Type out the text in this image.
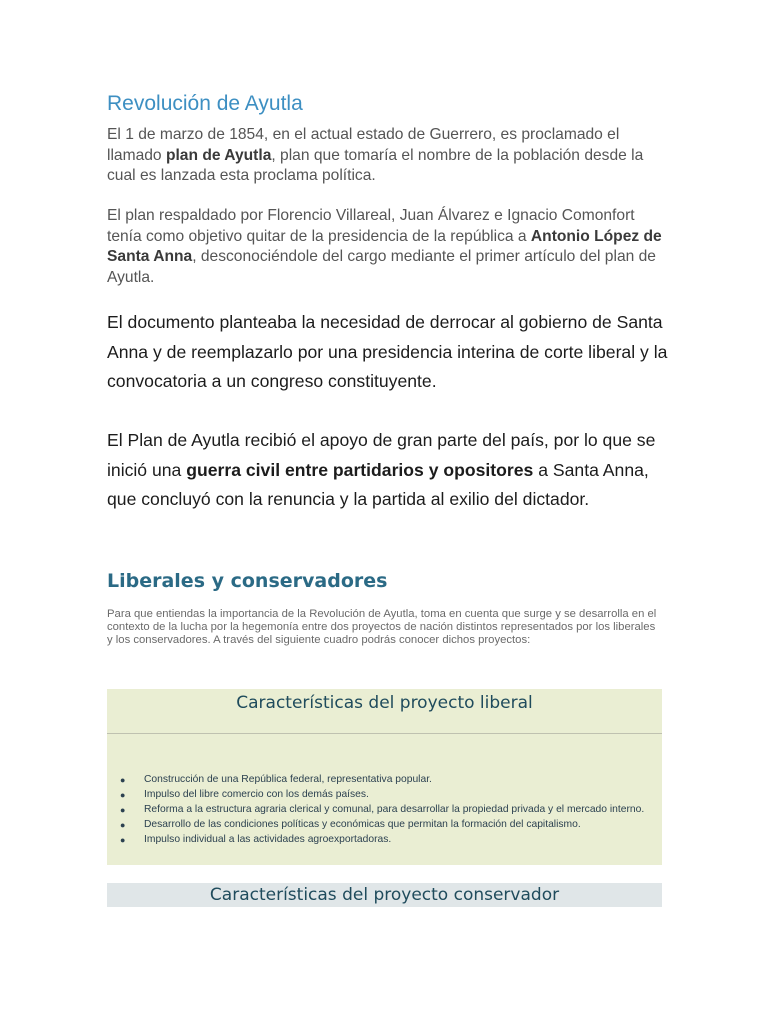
Revolución de Ayutla

El 1 de marzo de 1854, en el actual estado de Guerrero, es proclamado el llamado plan de Ayutla, plan que tomaría el nombre de la población desde la cual es lanzada esta proclama política.

El plan respaldado por Florencio Villareal, Juan Álvarez e Ignacio Comonfort tenía como objetivo quitar de la presidencia de la república a Antonio López de Santa Anna, desconociéndole del cargo mediante el primer artículo del plan de Ayutla.

El documento planteaba la necesidad de derrocar al gobierno de Santa Anna y de reemplazarlo por una presidencia interina de corte liberal y la convocatoria a un congreso constituyente.

El Plan de Ayutla recibió el apoyo de gran parte del país, por lo que se inició una guerra civil entre partidarios y opositores a Santa Anna, que concluyó con la renuncia y la partida al exilio del dictador.

Liberales y conservadores

Para que entiendas la importancia de la Revolución de Ayutla, toma en cuenta que surge y se desarrolla en el contexto de la lucha por la hegemonía entre dos proyectos de nación distintos representados por los liberales y los conservadores. A través del siguiente cuadro podrás conocer dichos proyectos:

Características del proyecto liberal
● Construcción de una República federal, representativa popular.
● Impulso del libre comercio con los demás países.
● Reforma a la estructura agraria clerical y comunal, para desarrollar la propiedad privada y el mercado interno.
● Desarrollo de las condiciones políticas y económicas que permitan la formación del capitalismo.
● Impulso individual a las actividades agroexportadoras.
Características del proyecto conservador
